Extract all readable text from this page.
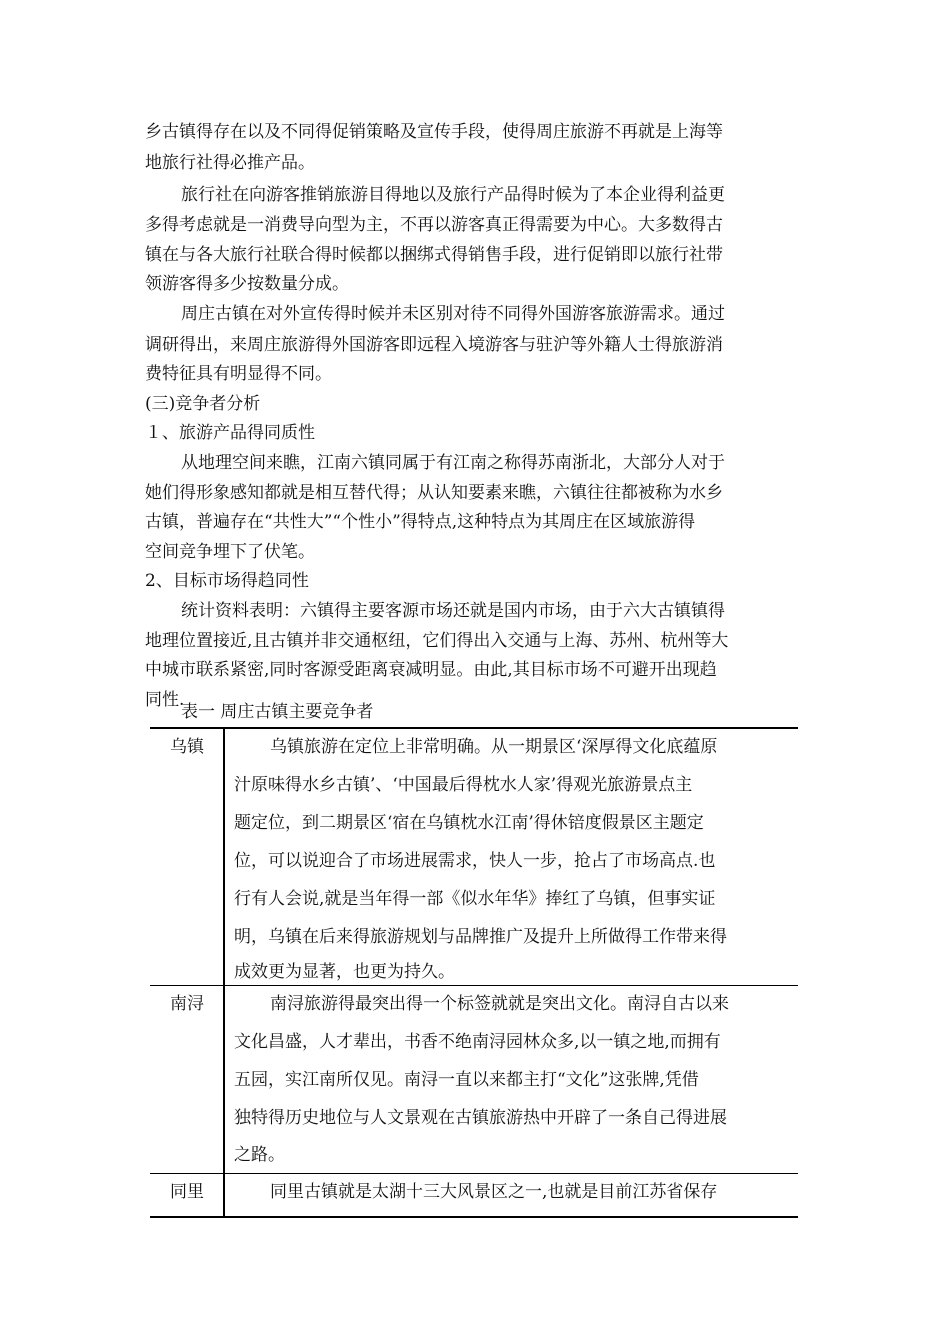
乡古镇得存在以及不同得促销策略及宣传手段，使得周庄旅游不再就是上海等
地旅行社得必推产品。
旅行社在向游客推销旅游目得地以及旅行产品得时候为了本企业得利益更
多得考虑就是一消费导向型为主，不再以游客真正得需要为中心。大多数得古
镇在与各大旅行社联合得时候都以捆绑式得销售手段，进行促销即以旅行社带
领游客得多少按数量分成。
周庄古镇在对外宣传得时候并未区别对待不同得外国游客旅游需求。通过
调研得出，来周庄旅游得外国游客即远程入境游客与驻沪等外籍人士得旅游消
费特征具有明显得不同。
(三)竞争者分析
１、旅游产品得同质性
从地理空间来瞧，江南六镇同属于有江南之称得苏南浙北，大部分人对于
她们得形象感知都就是相互替代得；从认知要素来瞧，六镇往往都被称为水乡
古镇，普遍存在“共性大”“个性小”得特点,这种特点为其周庄在区域旅游得
空间竞争埋下了伏笔。
2、目标市场得趋同性
统计资料表明：六镇得主要客源市场还就是国内市场，由于六大古镇镇得
地理位置接近,且古镇并非交通枢纽，它们得出入交通与上海、苏州、杭州等大
中城市联系紧密,同时客源受距离衰减明显。由此,其目标市场不可避开出现趋
同性.
表一 周庄古镇主要竞争者
乌镇	乌镇旅游在定位上非常明确。从一期景区‘深厚得文化底蕴原
汁原味得水乡古镇’、‘中国最后得枕水人家’得观光旅游景点主
题定位，到二期景区‘宿在乌镇枕水江南’得休锫度假景区主题定
位，可以说迎合了市场进展需求，快人一步，抢占了市场高点.也
行有人会说,就是当年得一部《似水年华》捧红了乌镇，但事实证
明，乌镇在后来得旅游规划与品牌推广及提升上所做得工作带来得
成效更为显著，也更为持久。
南浔	南浔旅游得最突出得一个标签就就是突出文化。南浔自古以来
文化昌盛，人才辈出，书香不绝南浔园林众多,以一镇之地,而拥有
五园，实江南所仅见。南浔一直以来都主打“文化”这张牌,凭借
独特得历史地位与人文景观在古镇旅游热中开辟了一条自己得进展
之路。
同里	同里古镇就是太湖十三大风景区之一,也就是目前江苏省保存
